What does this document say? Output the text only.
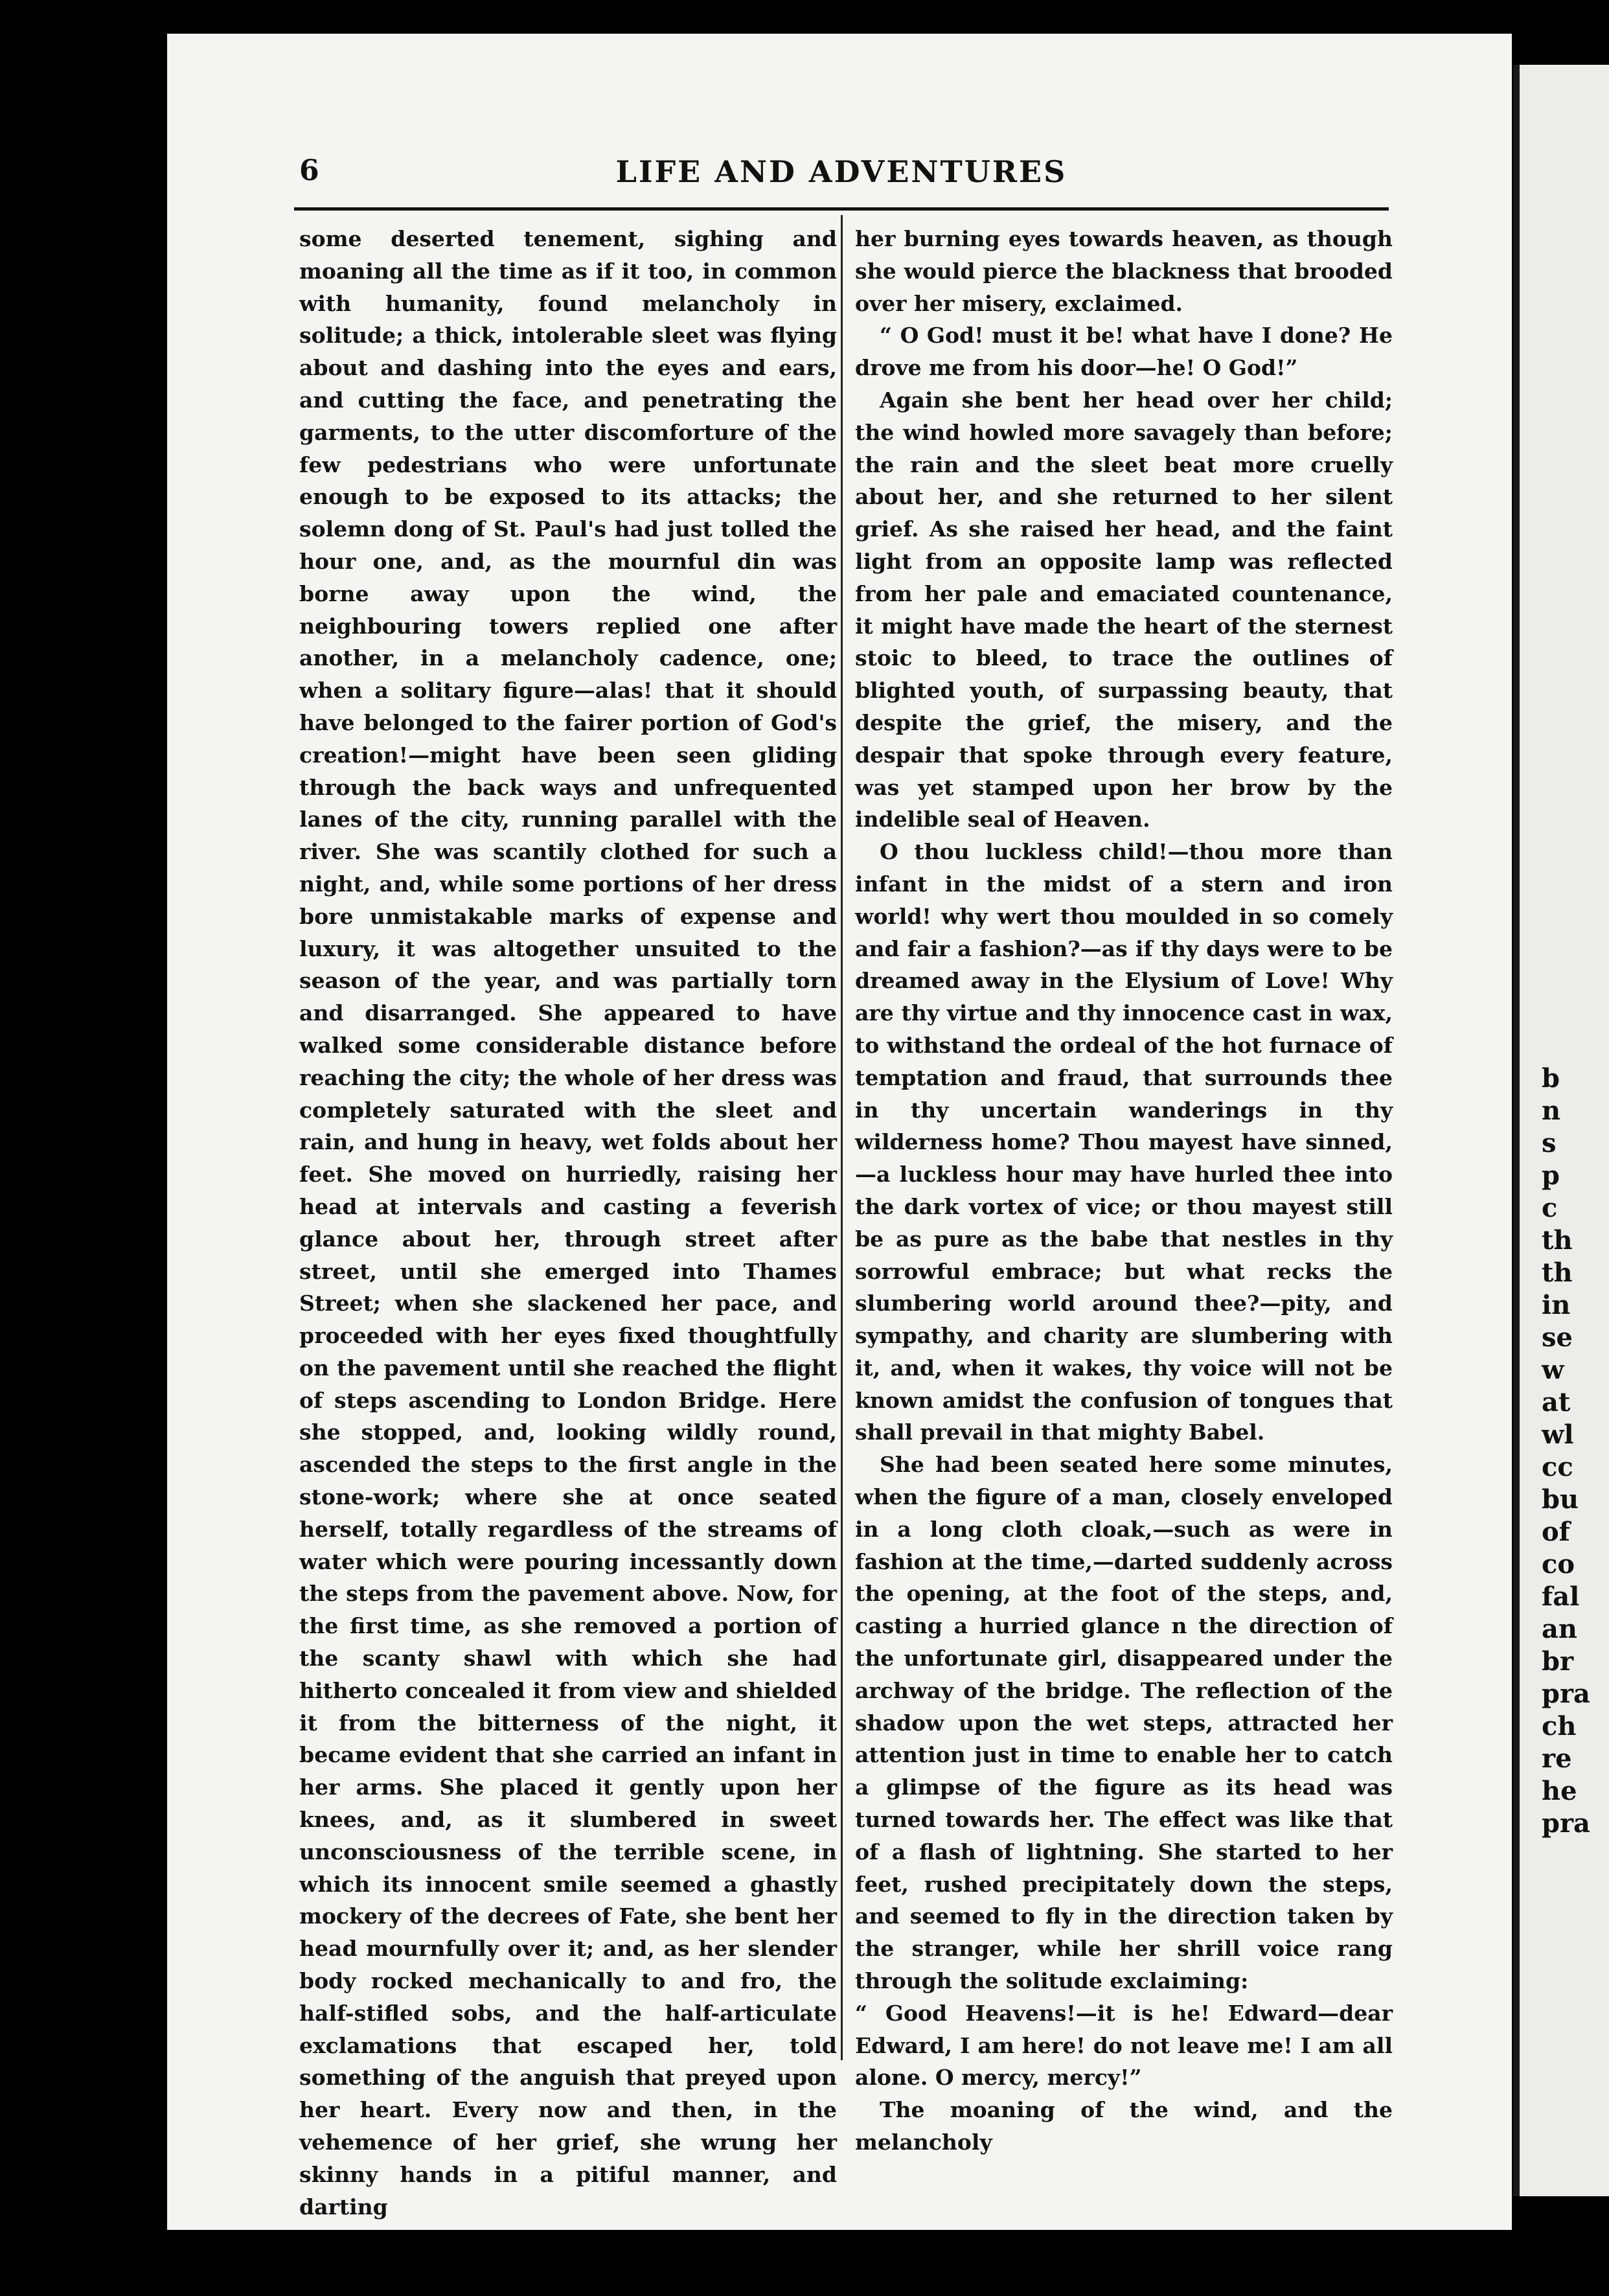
b
n
s
p
c
th
th
in
se
w
at
wl
cc
bu
of
co
fal
an
br
pra
ch
re
he
pra
6	LIFE AND ADVENTURES

some deserted tenement, sighing and moaning all the time as if it too, in common with humanity, found melancholy in solitude; a thick, intolerable sleet was flying about and dashing into the eyes and ears, and cutting the face, and penetrating the garments, to the utter discomforture of the few pedestrians who were unfortunate enough to be exposed to its attacks; the solemn dong of St. Paul's had just tolled the hour one, and, as the mournful din was borne away upon the wind, the neighbouring towers replied one after another, in a melancholy cadence, one; when a solitary figure—alas! that it should have belonged to the fairer portion of God's creation!—might have been seen gliding through the back ways and unfrequented lanes of the city, running parallel with the river. She was scantily clothed for such a night, and, while some portions of her dress bore unmistakable marks of expense and luxury, it was altogether unsuited to the season of the year, and was partially torn and disarranged. She appeared to have walked some considerable distance before reaching the city; the whole of her dress was completely saturated with the sleet and rain, and hung in heavy, wet folds about her feet. She moved on hurriedly, raising her head at intervals and casting a feverish glance about her, through street after street, until she emerged into Thames Street; when she slackened her pace, and proceeded with her eyes fixed thoughtfully on the pavement until she reached the flight of steps ascending to London Bridge. Here she stopped, and, looking wildly round, ascended the steps to the first angle in the stone-work; where she at once seated herself, totally regardless of the streams of water which were pouring incessantly down the steps from the pavement above. Now, for the first time, as she removed a portion of the scanty shawl with which she had hitherto concealed it from view and shielded it from the bitterness of the night, it became evident that she carried an infant in her arms. She placed it gently upon her knees, and, as it slumbered in sweet unconsciousness of the terrible scene, in which its innocent smile seemed a ghastly mockery of the decrees of Fate, she bent her head mournfully over it; and, as her slender body rocked mechanically to and fro, the half-stifled sobs, and the half-articulate exclamations that escaped her, told something of the anguish that preyed upon her heart. Every now and then, in the vehemence of her grief, she wrung her skinny hands in a pitiful manner, and darting

her burning eyes towards heaven, as though she would pierce the blackness that brooded over her misery, exclaimed.

“ O God! must it be! what have I done? He drove me from his door—he! O God!”

Again she bent her head over her child; the wind howled more savagely than before; the rain and the sleet beat more cruelly about her, and she returned to her silent grief. As she raised her head, and the faint light from an opposite lamp was reflected from her pale and emaciated countenance, it might have made the heart of the sternest stoic to bleed, to trace the outlines of blighted youth, of surpassing beauty, that despite the grief, the misery, and the despair that spoke through every feature, was yet stamped upon her brow by the indelible seal of Heaven.

O thou luckless child!—thou more than infant in the midst of a stern and iron world! why wert thou moulded in so comely and fair a fashion?—as if thy days were to be dreamed away in the Elysium of Love! Why are thy virtue and thy innocence cast in wax, to withstand the ordeal of the hot furnace of temptation and fraud, that surrounds thee in thy uncertain wanderings in thy wilderness home? Thou mayest have sinned,—a luckless hour may have hurled thee into the dark vortex of vice; or thou mayest still be as pure as the babe that nestles in thy sorrowful embrace; but what recks the slumbering world around thee?—pity, and sympathy, and charity are slumbering with it, and, when it wakes, thy voice will not be known amidst the confusion of tongues that shall prevail in that mighty Babel.

She had been seated here some minutes, when the figure of a man, closely enveloped in a long cloth cloak,—such as were in fashion at the time,—darted suddenly across the opening, at the foot of the steps, and, casting a hurried glance n the direction of the unfortunate girl, disappeared under the archway of the bridge. The reflection of the shadow upon the wet steps, attracted her attention just in time to enable her to catch a glimpse of the figure as its head was turned towards her. The effect was like that of a flash of lightning. She started to her feet, rushed precipitately down the steps, and seemed to fly in the direction taken by the stranger, while her shrill voice rang through the solitude exclaiming:

“ Good Heavens!—it is he! Edward—dear Edward, I am here! do not leave me! I am all alone. O mercy, mercy!”

The moaning of the wind, and the melancholy
